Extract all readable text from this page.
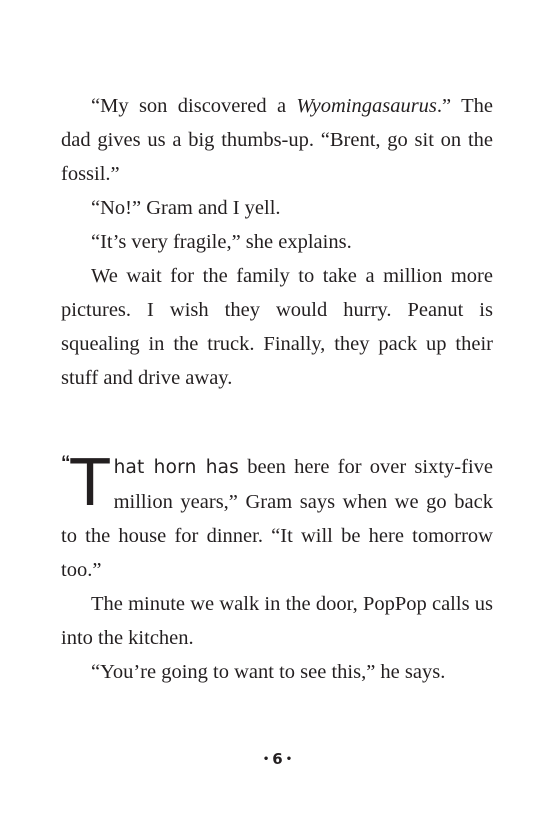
“My son discovered a Wyomingasaurus.” The dad gives us a big thumbs-up. “Brent, go sit on the fossil.”

“No!” Gram and I yell.

“It’s very fragile,” she explains.

We wait for the family to take a million more pictures. I wish they would hurry. Peanut is squealing in the truck. Finally, they pack up their stuff and drive away.

“ T hat horn has been here for over sixty-five million years,” Gram says when we go back to the house for dinner. “It will be here tomorrow too.”

The minute we walk in the door, PopPop calls us into the kitchen.

“You’re going to want to see this,” he says.

• 6 •
